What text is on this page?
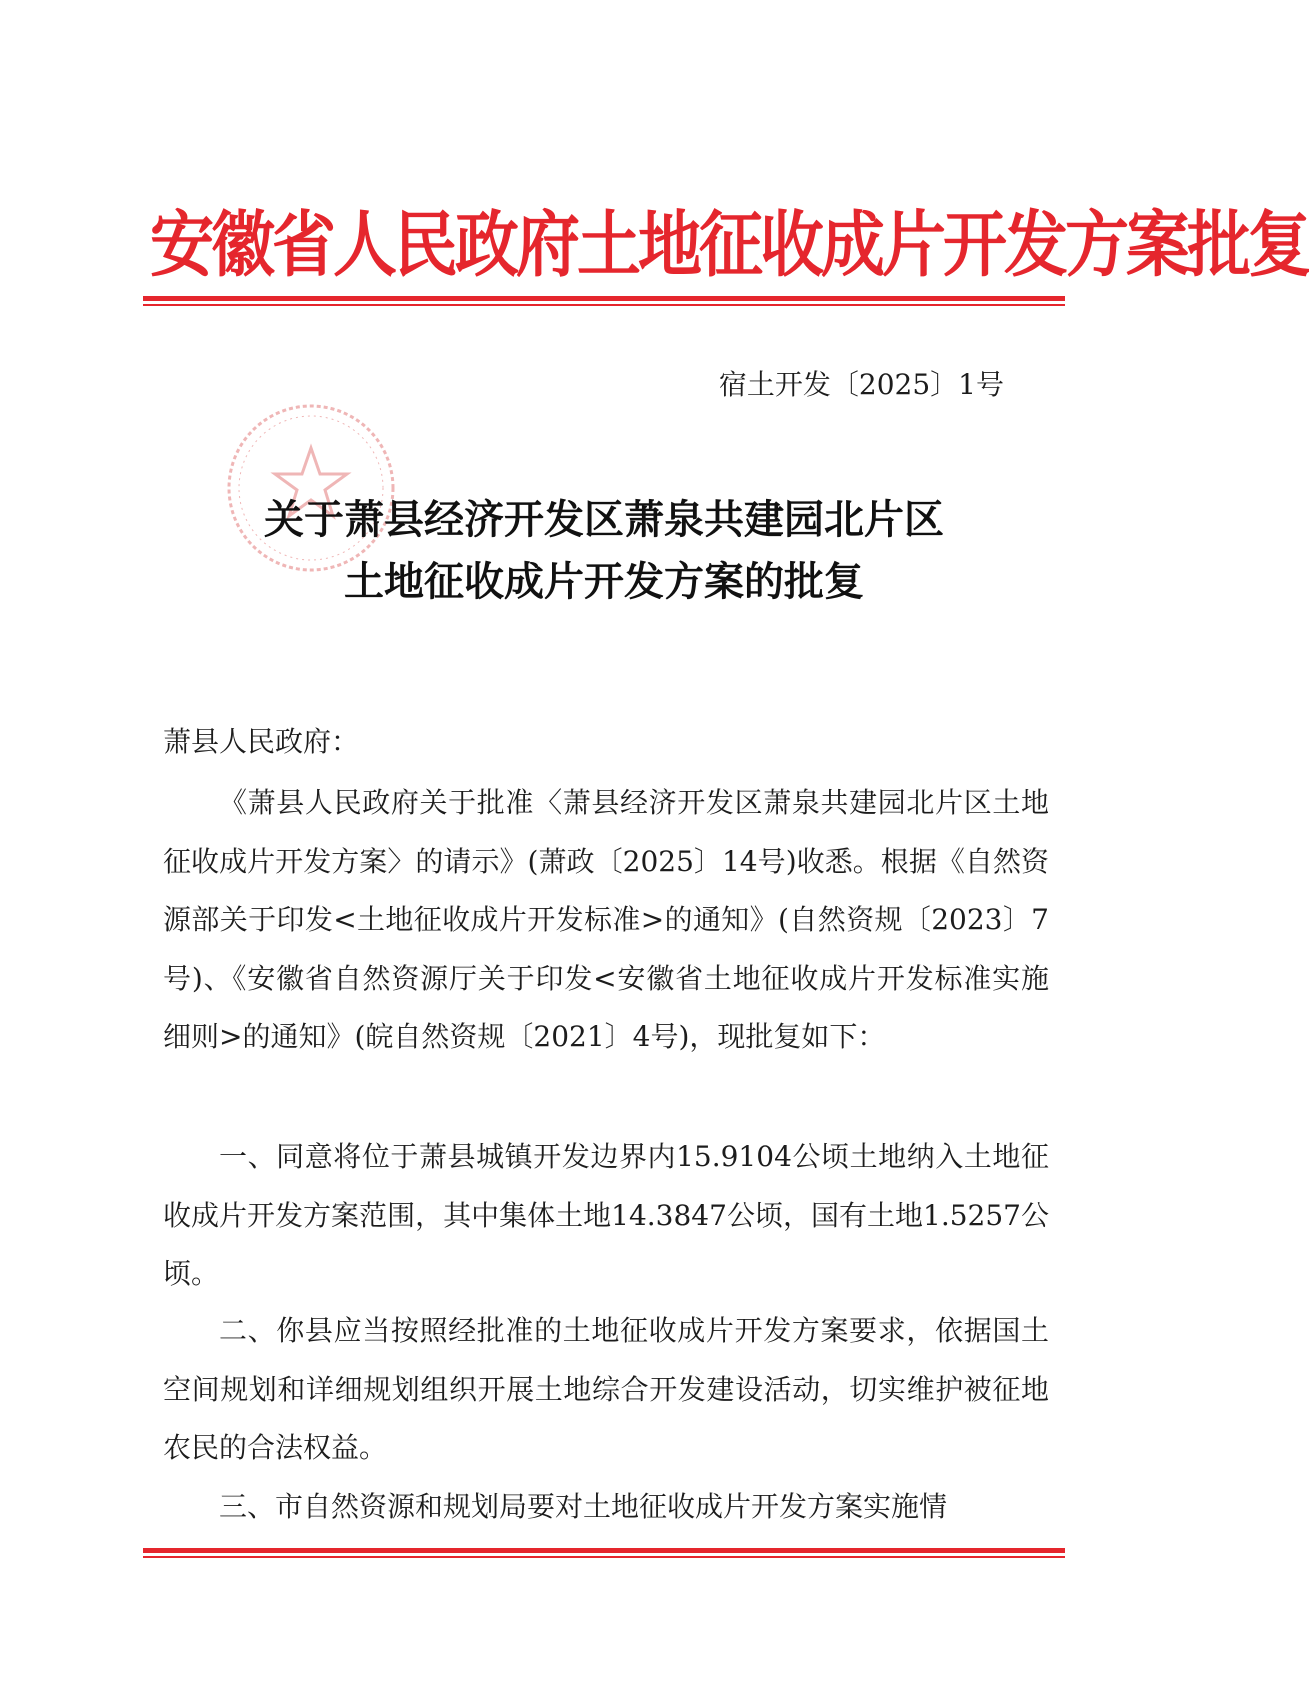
安徽省人民政府土地征收成片开发方案批复
宿土开发〔2025〕1号
关于萧县经济开发区萧泉共建园北片区
土地征收成片开发方案的批复
萧县人民政府：

《萧县人民政府关于批准〈萧县经济开发区萧泉共建园北片区土地征收成片开发方案〉的请示》(萧政〔2025〕14号)收悉。根据《自然资源部关于印发<土地征收成片开发标准>的通知》(自然资规〔2023〕7号)、《安徽省自然资源厅关于印发<安徽省土地征收成片开发标准实施细则>的通知》(皖自然资规〔2021〕4号)，现批复如下：

一、同意将位于萧县城镇开发边界内15.9104公顷土地纳入土地征收成片开发方案范围，其中集体土地14.3847公顷，国有土地1.5257公顷。

二、你县应当按照经批准的土地征收成片开发方案要求，依据国土空间规划和详细规划组织开展土地综合开发建设活动，切实维护被征地农民的合法权益。

三、市自然资源和规划局要对土地征收成片开发方案实施情
